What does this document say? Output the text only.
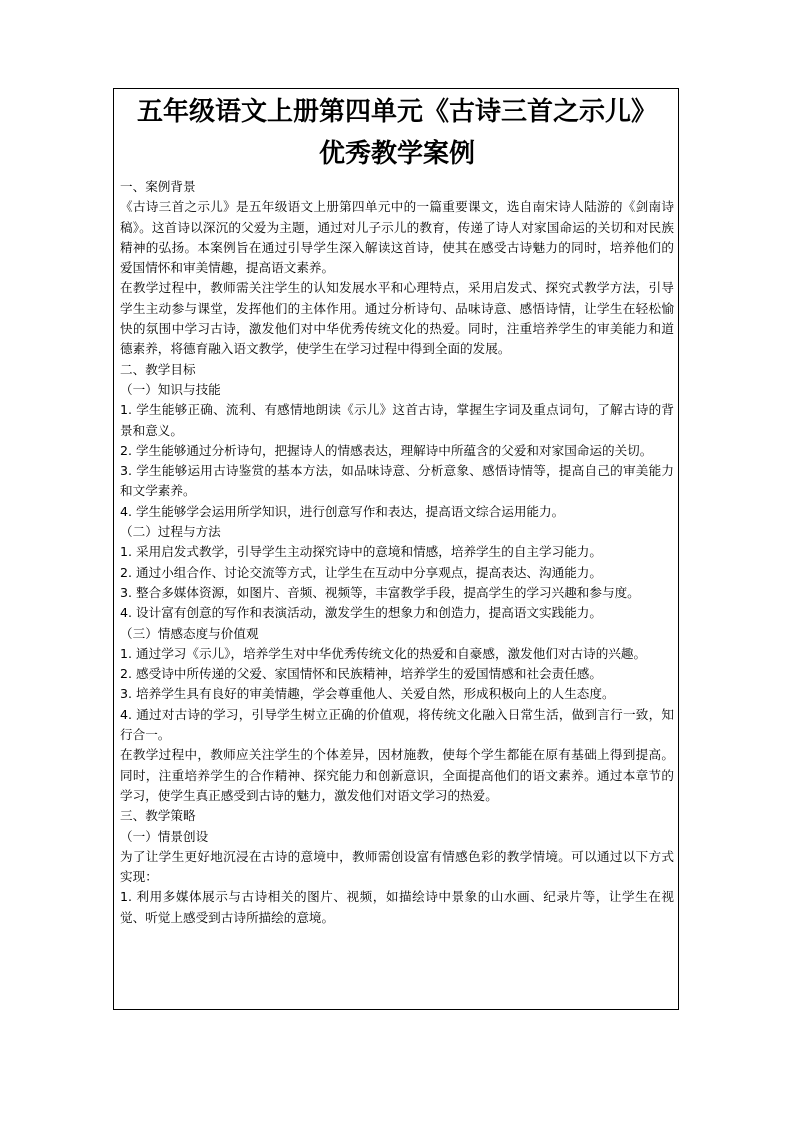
五年级语文上册第四单元《古诗三首之示儿》
优秀教学案例

一、案例背景

《古诗三首之示儿》是五年级语文上册第四单元中的一篇重要课文，选自南宋诗人陆游的《剑南诗稿》。这首诗以深沉的父爱为主题，通过对儿子示儿的教育，传递了诗人对家国命运的关切和对民族精神的弘扬。本案例旨在通过引导学生深入解读这首诗，使其在感受古诗魅力的同时，培养他们的爱国情怀和审美情趣，提高语文素养。

在教学过程中，教师需关注学生的认知发展水平和心理特点，采用启发式、探究式教学方法，引导学生主动参与课堂，发挥他们的主体作用。通过分析诗句、品味诗意、感悟诗情，让学生在轻松愉快的氛围中学习古诗，激发他们对中华优秀传统文化的热爱。同时，注重培养学生的审美能力和道德素养，将德育融入语文教学，使学生在学习过程中得到全面的发展。

二、教学目标

（一）知识与技能

1. 学生能够正确、流利、有感情地朗读《示儿》这首古诗，掌握生字词及重点词句，了解古诗的背景和意义。

2. 学生能够通过分析诗句，把握诗人的情感表达，理解诗中所蕴含的父爱和对家国命运的关切。

3. 学生能够运用古诗鉴赏的基本方法，如品味诗意、分析意象、感悟诗情等，提高自己的审美能力和文学素养。

4. 学生能够学会运用所学知识，进行创意写作和表达，提高语文综合运用能力。

（二）过程与方法

1. 采用启发式教学，引导学生主动探究诗中的意境和情感，培养学生的自主学习能力。

2. 通过小组合作、讨论交流等方式，让学生在互动中分享观点，提高表达、沟通能力。

3. 整合多媒体资源，如图片、音频、视频等，丰富教学手段，提高学生的学习兴趣和参与度。

4. 设计富有创意的写作和表演活动，激发学生的想象力和创造力，提高语文实践能力。

（三）情感态度与价值观

1. 通过学习《示儿》，培养学生对中华优秀传统文化的热爱和自豪感，激发他们对古诗的兴趣。

2. 感受诗中所传递的父爱、家国情怀和民族精神，培养学生的爱国情感和社会责任感。

3. 培养学生具有良好的审美情趣，学会尊重他人、关爱自然，形成积极向上的人生态度。

4. 通过对古诗的学习，引导学生树立正确的价值观，将传统文化融入日常生活，做到言行一致，知行合一。

在教学过程中，教师应关注学生的个体差异，因材施教，使每个学生都能在原有基础上得到提高。同时，注重培养学生的合作精神、探究能力和创新意识，全面提高他们的语文素养。通过本章节的学习，使学生真正感受到古诗的魅力，激发他们对语文学习的热爱。

三、教学策略

（一）情景创设

为了让学生更好地沉浸在古诗的意境中，教师需创设富有情感色彩的教学情境。可以通过以下方式实现：

1. 利用多媒体展示与古诗相关的图片、视频，如描绘诗中景象的山水画、纪录片等，让学生在视觉、听觉上感受到古诗所描绘的意境。
